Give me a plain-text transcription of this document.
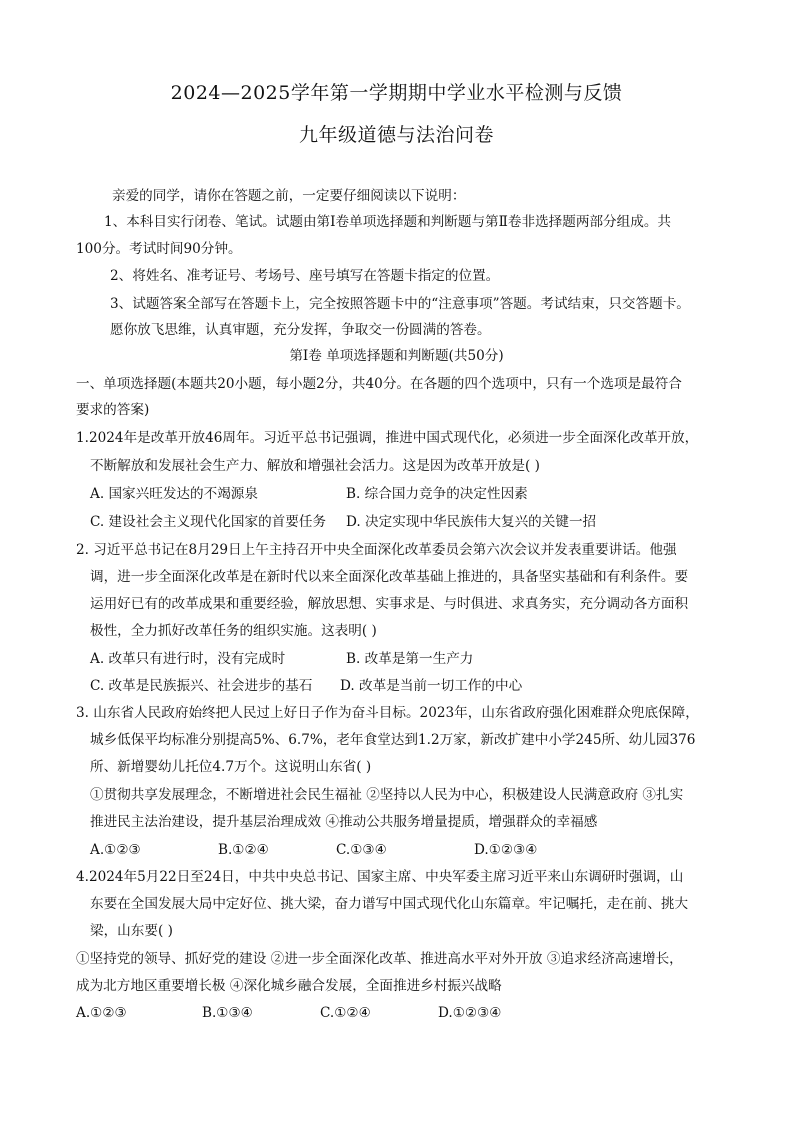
2024—2025学年第一学期期中学业水平检测与反馈
九年级道德与法治问卷
亲爱的同学，请你在答题之前，一定要仔细阅读以下说明：
1、本科目实行闭卷、笔试。试题由第Ⅰ卷单项选择题和判断题与第Ⅱ卷非选择题两部分组成。共
100分。考试时间90分钟。
2、将姓名、准考证号、考场号、座号填写在答题卡指定的位置。
3、试题答案全部写在答题卡上，完全按照答题卡中的“注意事项”答题。考试结束，只交答题卡。
愿你放飞思维，认真审题，充分发挥，争取交一份圆满的答卷。
第Ⅰ卷 单项选择题和判断题(共50分)
一、单项选择题(本题共20小题，每小题2分，共40分。在各题的四个选项中，只有一个选项是最符合
要求的答案)
1.2024年是改革开放46周年。习近平总书记强调，推进中国式现代化，必须进一步全面深化改革开放，
不断解放和发展社会生产力、解放和增强社会活力。这是因为改革开放是( )
A. 国家兴旺发达的不竭源泉	B. 综合国力竞争的决定性因素
C. 建设社会主义现代化国家的首要任务 D. 决定实现中华民族伟大复兴的关键一招
2. 习近平总书记在8月29日上午主持召开中央全面深化改革委员会第六次会议并发表重要讲话。他强
调，进一步全面深化改革是在新时代以来全面深化改革基础上推进的，具备坚实基础和有利条件。要
运用好已有的改革成果和重要经验，解放思想、实事求是、与时俱进、求真务实，充分调动各方面积
极性，全力抓好改革任务的组织实施。这表明( )
A. 改革只有进行时，没有完成时	B. 改革是第一生产力
C. 改革是民族振兴、社会进步的基石 D. 改革是当前一切工作的中心
3. 山东省人民政府始终把人民过上好日子作为奋斗目标。2023年，山东省政府强化困难群众兜底保障，
城乡低保平均标准分别提高5%、6.7%，老年食堂达到1.2万家，新改扩建中小学245所、幼儿园376
所、新增婴幼儿托位4.7万个。这说明山东省( )
①贯彻共享发展理念，不断增进社会民生福祉 ②坚持以人民为中心，积极建设人民满意政府 ③扎实
推进民主法治建设，提升基层治理成效 ④推动公共服务增量提质，增强群众的幸福感
A.①②③	B.①②④	C.①③④	D.①②③④
4.2024年5月22日至24日，中共中央总书记、国家主席、中央军委主席习近平来山东调研时强调，山
东要在全国发展大局中定好位、挑大梁，奋力谱写中国式现代化山东篇章。牢记嘱托，走在前、挑大
梁，山东要( )
①坚持党的领导、抓好党的建设 ②进一步全面深化改革、推进高水平对外开放 ③追求经济高速增长，
成为北方地区重要增长极 ④深化城乡融合发展，全面推进乡村振兴战略
A.①②③	B.①③④	C.①②④	D.①②③④
